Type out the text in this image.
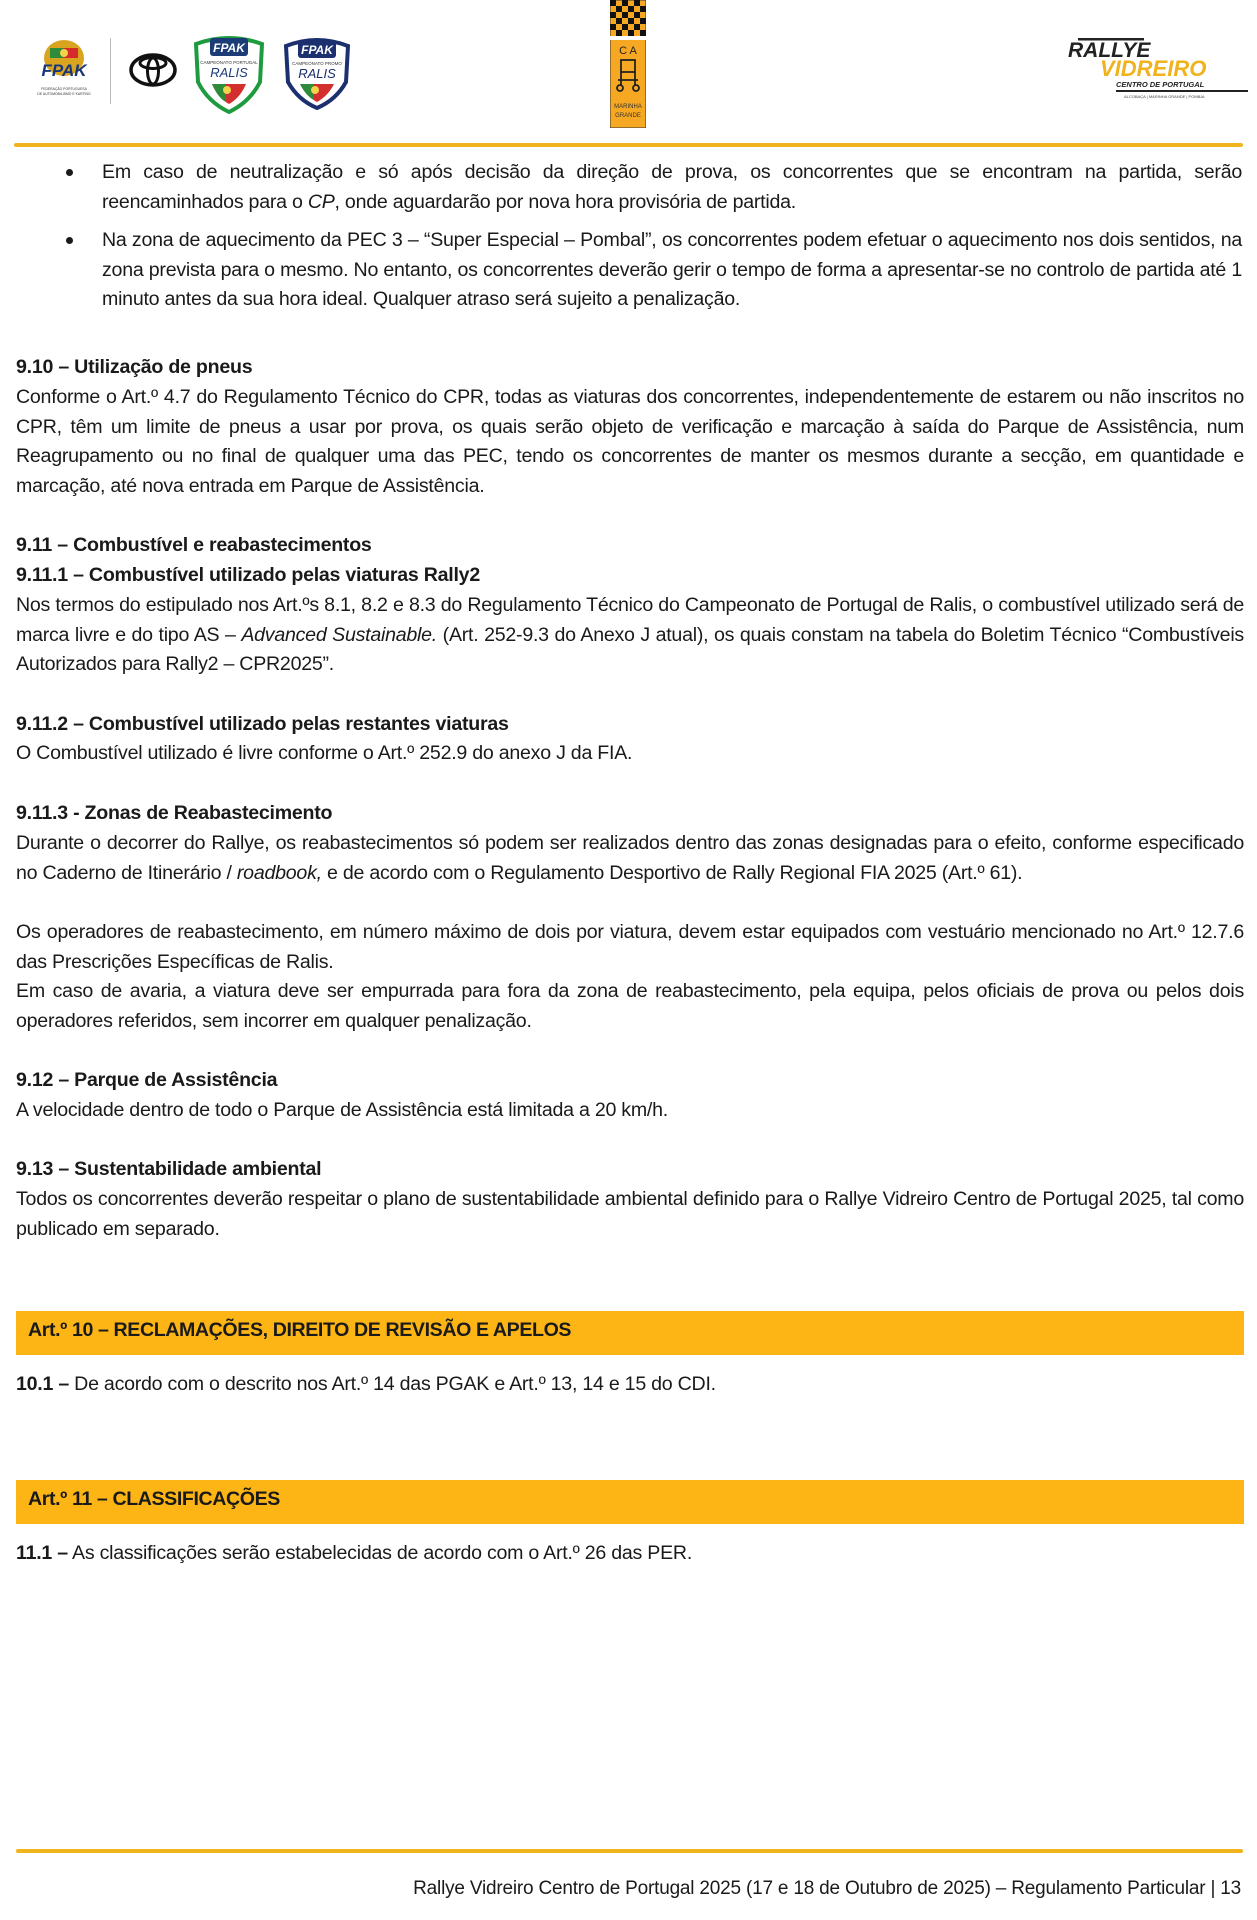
FPAK
FEDERAÇÃO PORTUGUESA
DE AUTOMOBILISMO E KARTING
FPAK
CAMPEONATO PORTUGAL
RALIS
FPAK
CAMPEONATO PROMO
RALIS
C A
MARINHA
GRANDE
RALLYE
VIDREIRO
CENTRO DE PORTUGAL
ALCOBAÇA | MARINHA GRANDE | POMBAL

Em caso de neutralização e só após decisão da direção de prova, os concorrentes que se encontram na partida, serão reencaminhados para o CP, onde aguardarão por nova hora provisória de partida.

Na zona de aquecimento da PEC 3 – “Super Especial – Pombal”, os concorrentes podem efetuar o aquecimento nos dois sentidos, na zona prevista para o mesmo. No entanto, os concorrentes deverão gerir o tempo de forma a apresentar-se no controlo de partida até 1 minuto antes da sua hora ideal. Qualquer atraso será sujeito a penalização.

9.10 – Utilização de pneus

Conforme o Art.º 4.7 do Regulamento Técnico do CPR, todas as viaturas dos concorrentes, independentemente de estarem ou não inscritos no CPR, têm um limite de pneus a usar por prova, os quais serão objeto de verificação e marcação à saída do Parque de Assistência, num Reagrupamento ou no final de qualquer uma das PEC, tendo os concorrentes de manter os mesmos durante a secção, em quantidade e marcação, até nova entrada em Parque de Assistência.

9.11 – Combustível e reabastecimentos

9.11.1 – Combustível utilizado pelas viaturas Rally2

Nos termos do estipulado nos Art.ºs 8.1, 8.2 e 8.3 do Regulamento Técnico do Campeonato de Portugal de Ralis, o combustível utilizado será de marca livre e do tipo AS – Advanced Sustainable. (Art. 252-9.3 do Anexo J atual), os quais constam na tabela do Boletim Técnico “Combustíveis Autorizados para Rally2 – CPR2025”.

9.11.2 – Combustível utilizado pelas restantes viaturas

O Combustível utilizado é livre conforme o Art.º 252.9 do anexo J da FIA.

9.11.3 - Zonas de Reabastecimento

Durante o decorrer do Rallye, os reabastecimentos só podem ser realizados dentro das zonas designadas para o efeito, conforme especificado no Caderno de Itinerário / roadbook, e de acordo com o Regulamento Desportivo de Rally Regional FIA 2025 (Art.º 61).

Os operadores de reabastecimento, em número máximo de dois por viatura, devem estar equipados com vestuário mencionado no Art.º 12.7.6 das Prescrições Específicas de Ralis.

Em caso de avaria, a viatura deve ser empurrada para fora da zona de reabastecimento, pela equipa, pelos oficiais de prova ou pelos dois operadores referidos, sem incorrer em qualquer penalização.

9.12 – Parque de Assistência

A velocidade dentro de todo o Parque de Assistência está limitada a 20 km/h.

9.13 – Sustentabilidade ambiental

Todos os concorrentes deverão respeitar o plano de sustentabilidade ambiental definido para o Rallye Vidreiro Centro de Portugal 2025, tal como publicado em separado.

10.1 – De acordo com o descrito nos Art.º 14 das PGAK e Art.º 13, 14 e 15 do CDI.

11.1 – As classificações serão estabelecidas de acordo com o Art.º 26 das PER.

Art.º 10 – RECLAMAÇÕES, DIREITO DE REVISÃO E APELOS
Art.º 11 – CLASSIFICAÇÕES
Rallye Vidreiro Centro de Portugal 2025 (17 e 18 de Outubro de 2025) – Regulamento Particular | 13
